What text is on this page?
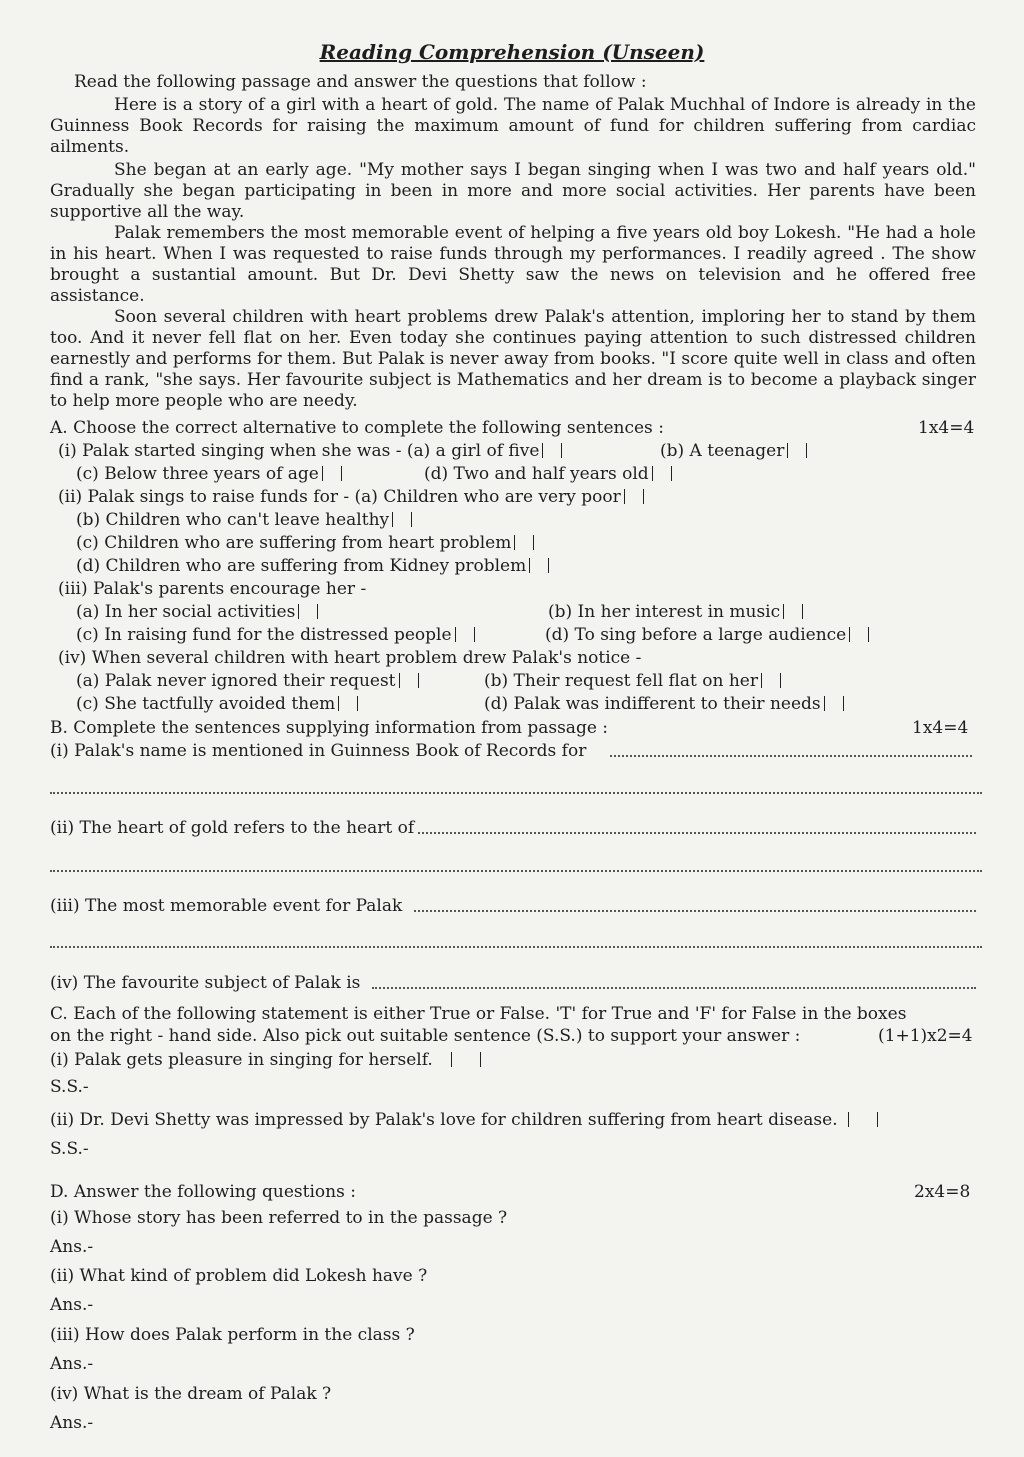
Reading Comprehension (Unseen)
Read the following passage and answer the questions that follow :
Here is a story of a girl with a heart of gold. The name of Palak Muchhal of Indore is already in the Guinness Book Records for raising the maximum amount of fund for children suffering from cardiac ailments.
She began at an early age. "My mother says I began singing when I was two and half years old." Gradually she began participating in been in more and more social activities. Her parents have been supportive all the way.
Palak remembers the most memorable event of helping a five years old boy Lokesh. "He had a hole in his heart. When I was requested to raise funds through my performances. I readily agreed . The show brought a sustantial amount. But Dr. Devi Shetty saw the news on television and he offered free assistance.
Soon several children with heart problems drew Palak's attention, imploring her to stand by them too. And it never fell flat on her. Even today she continues paying attention to such distressed children earnestly and performs for them. But Palak is never away from books. "I score quite well in class and often find a rank, "she says. Her favourite subject is Mathematics and her dream is to become a playback singer to help more people who are needy.
A. Choose the correct alternative to complete the following sentences :	1x4=4
(i) Palak started singing when she was - (a) a girl of five	(b) A teenager
(c) Below three years of age	(d) Two and half years old
(ii) Palak sings to raise funds for - (a) Children who are very poor
(b) Children who can't leave healthy
(c) Children who are suffering from heart problem
(d) Children who are suffering from Kidney problem
(iii) Palak's parents encourage her -
(a) In her social activities	(b) In her interest in music
(c) In raising fund for the distressed people	(d) To sing before a large audience
(iv) When several children with heart problem drew Palak's notice -
(a) Palak never ignored their request	(b) Their request fell flat on her
(c) She tactfully avoided them	(d) Palak was indifferent to their needs
B. Complete the sentences supplying information from passage :	1x4=4
(i) Palak's name is mentioned in Guinness Book of Records for
(ii) The heart of gold refers to the heart of
(iii) The most memorable event for Palak
(iv) The favourite subject of Palak is
C. Each of the following statement is either True or False. 'T' for True and 'F' for False in the boxes
on the right - hand side. Also pick out suitable sentence (S.S.) to support your answer :	(1+1)x2=4
(i) Palak gets pleasure in singing for herself.
S.S.-
(ii) Dr. Devi Shetty was impressed by Palak's love for children suffering from heart disease.
S.S.-
D. Answer the following questions :	2x4=8
(i) Whose story has been referred to in the passage ?
Ans.-
(ii) What kind of problem did Lokesh have ?
Ans.-
(iii) How does Palak perform in the class ?
Ans.-
(iv) What is the dream of Palak ?
Ans.-
